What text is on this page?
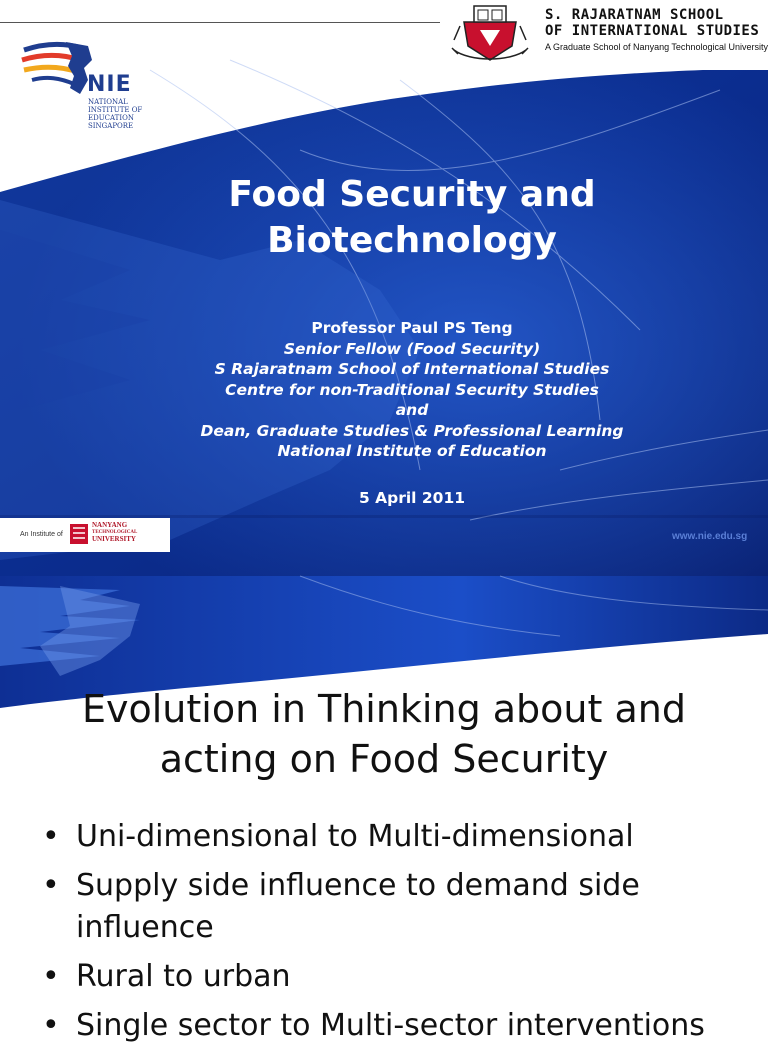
NIE
NATIONAL
INSTITUTE OF
EDUCATION
SINGAPORE
S. RAJARATNAM SCHOOL
OF INTERNATIONAL STUDIES
A Graduate School of Nanyang Technological University
Food Security and
Biotechnology
Professor Paul PS Teng
Senior Fellow (Food Security)
S Rajaratnam School of International Studies
Centre for non-Traditional Security Studies
and
Dean, Graduate Studies & Professional Learning
National Institute of Education
5 April 2011
An Institute of
NANYANG
TECHNOLOGICAL
UNIVERSITY	www.nie.edu.sg
Evolution in Thinking about and
acting on Food Security
• Uni-dimensional to Multi-dimensional
• Supply side influence to demand side influence
• Rural to urban
• Single sector to Multi-sector interventions
